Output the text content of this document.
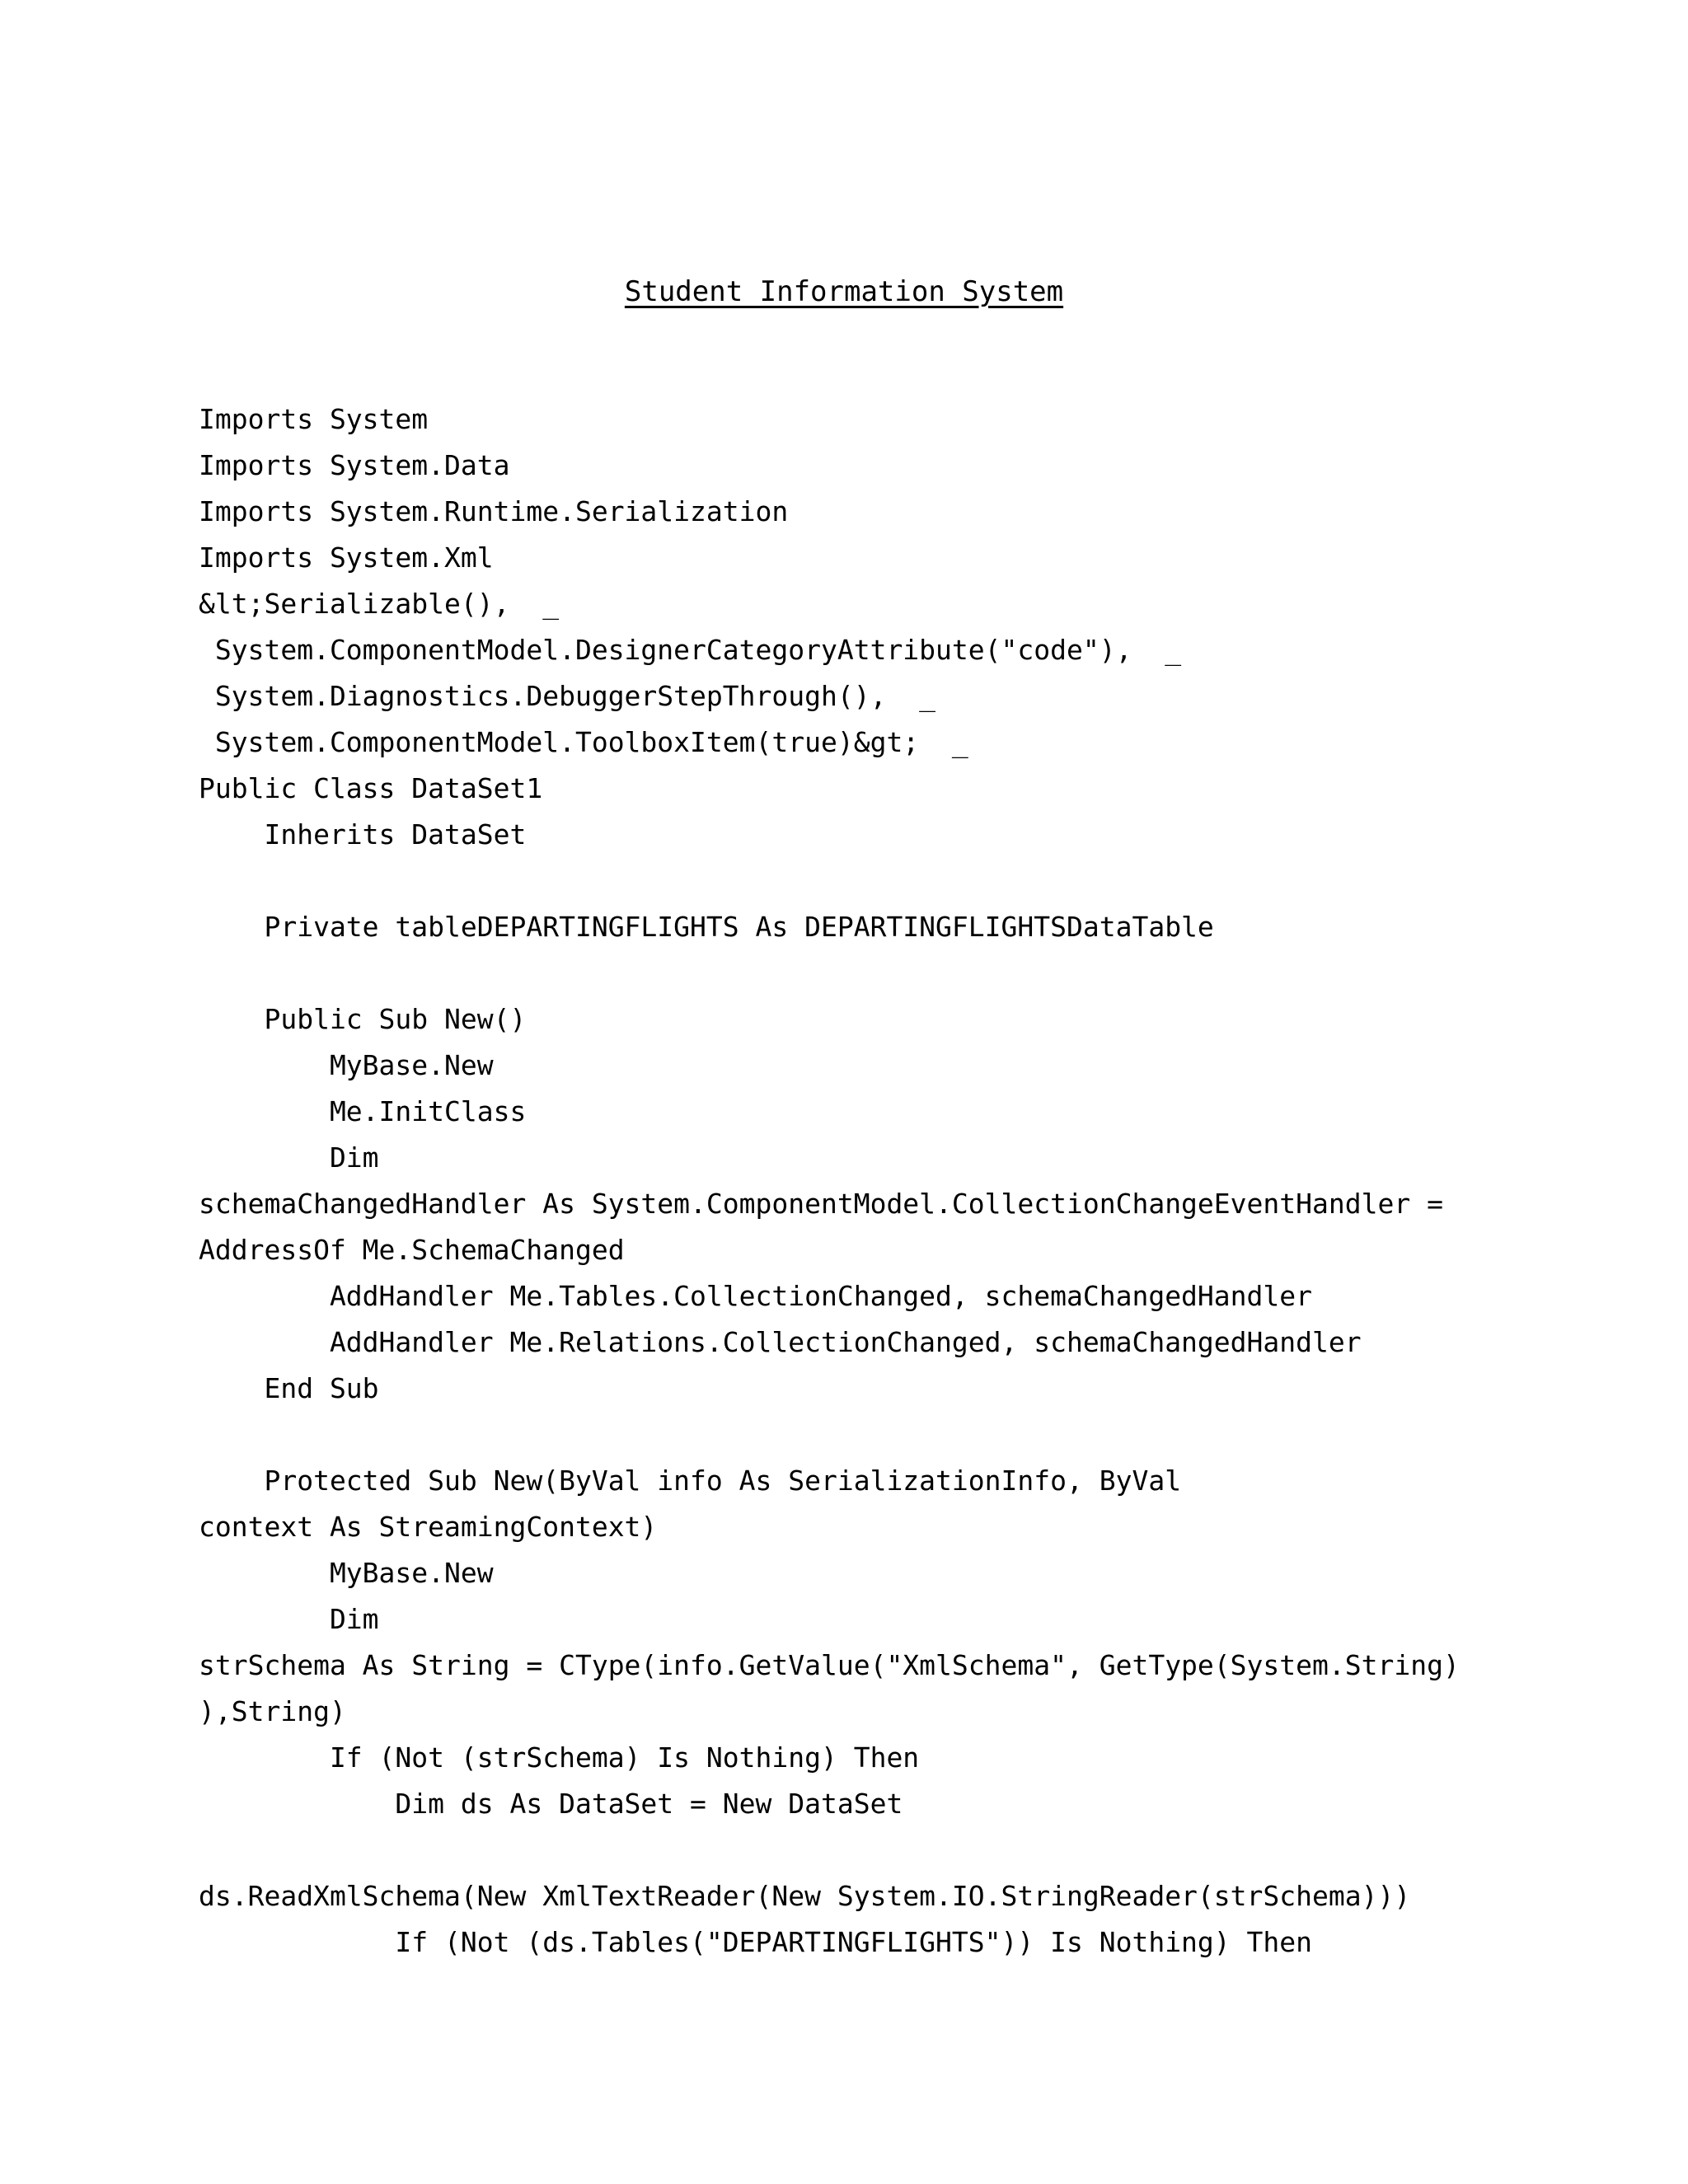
Student Information System
Imports System
Imports System.Data
Imports System.Runtime.Serialization
Imports System.Xml
&lt;Serializable(),  _
System.ComponentModel.DesignerCategoryAttribute("code"),  _
System.Diagnostics.DebuggerStepThrough(),  _
System.ComponentModel.ToolboxItem(true)&gt;  _
Public Class DataSet1
Inherits DataSet
Private tableDEPARTINGFLIGHTS As DEPARTINGFLIGHTSDataTable
Public Sub New()
MyBase.New
Me.InitClass
Dim
schemaChangedHandler As System.ComponentModel.CollectionChangeEventHandler =
AddressOf Me.SchemaChanged
AddHandler Me.Tables.CollectionChanged, schemaChangedHandler
AddHandler Me.Relations.CollectionChanged, schemaChangedHandler
End Sub
Protected Sub New(ByVal info As SerializationInfo, ByVal
context As StreamingContext)
MyBase.New
Dim
strSchema As String = CType(info.GetValue("XmlSchema", GetType(System.String)
),String)
If (Not (strSchema) Is Nothing) Then
Dim ds As DataSet = New DataSet
ds.ReadXmlSchema(New XmlTextReader(New System.IO.StringReader(strSchema)))
If (Not (ds.Tables("DEPARTINGFLIGHTS")) Is Nothing) Then
